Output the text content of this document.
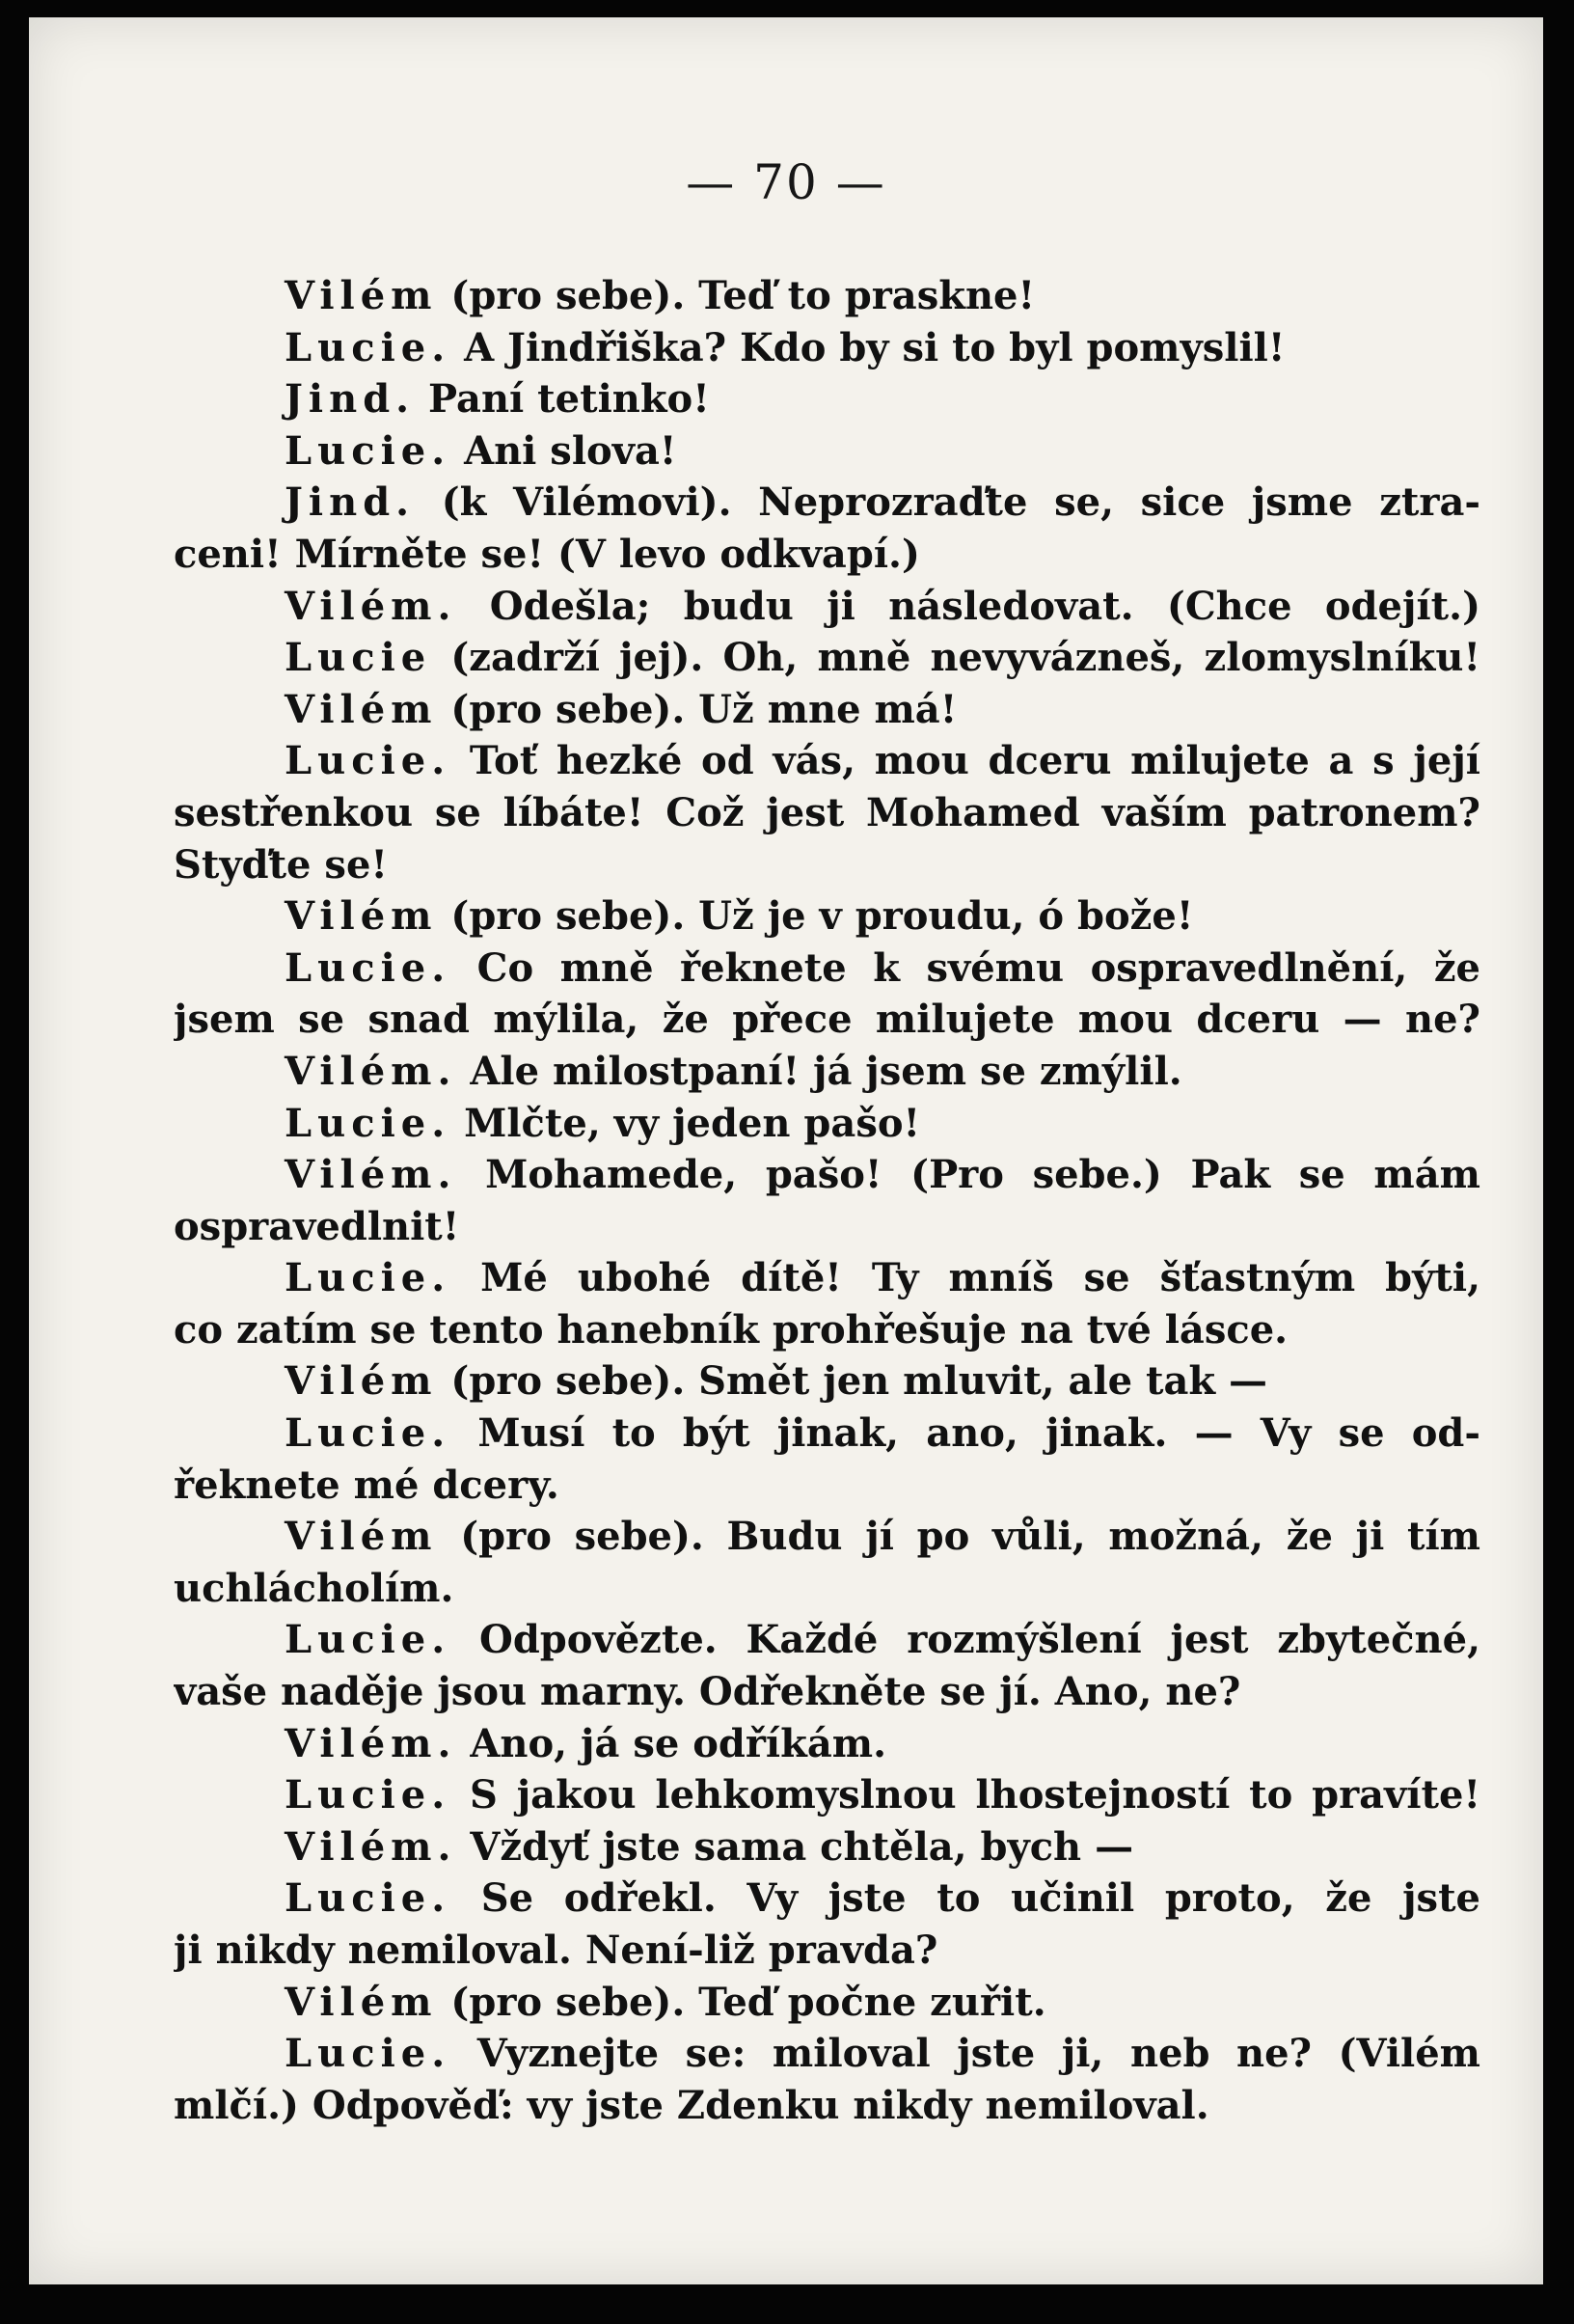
— 70 —
Vilém (pro sebe). Teď to praskne!
Lucie. A Jindřiška? Kdo by si to byl pomyslil!
Jind. Paní tetinko!
Lucie. Ani slova!
Jind. (k Vilémovi). Neprozraďte se, sice jsme ztra-
ceni! Mírněte se! (V levo odkvapí.)
Vilém. Odešla; budu ji následovat. (Chce odejít.)
Lucie (zadrží jej). Oh, mně nevyvázneš, zlomyslníku!
Vilém (pro sebe). Už mne má!
Lucie. Toť hezké od vás, mou dceru milujete a s její
sestřenkou se líbáte! Což jest Mohamed vaším patronem?
Styďte se!
Vilém (pro sebe). Už je v proudu, ó bože!
Lucie. Co mně řeknete k svému ospravedlnění, že
jsem se snad mýlila, že přece milujete mou dceru — ne?
Vilém. Ale milostpaní! já jsem se zmýlil.
Lucie. Mlčte, vy jeden pašo!
Vilém. Mohamede, pašo! (Pro sebe.) Pak se mám
ospravedlnit!
Lucie. Mé ubohé dítě! Ty mníš se šťastným býti,
co zatím se tento hanebník prohřešuje na tvé lásce.
Vilém (pro sebe). Smět jen mluvit, ale tak —
Lucie. Musí to být jinak, ano, jinak. — Vy se od-
řeknete mé dcery.
Vilém (pro sebe). Budu jí po vůli, možná, že ji tím
uchlácholím.
Lucie. Odpovězte. Každé rozmýšlení jest zbytečné,
vaše naděje jsou marny. Odřekněte se jí. Ano, ne?
Vilém. Ano, já se odříkám.
Lucie. S jakou lehkomyslnou lhostejností to pravíte!
Vilém. Vždyť jste sama chtěla, bych —
Lucie. Se odřekl. Vy jste to učinil proto, že jste
ji nikdy nemiloval. Není-liž pravda?
Vilém (pro sebe). Teď počne zuřit.
Lucie. Vyznejte se: miloval jste ji, neb ne? (Vilém
mlčí.) Odpověď: vy jste Zdenku nikdy nemiloval.
